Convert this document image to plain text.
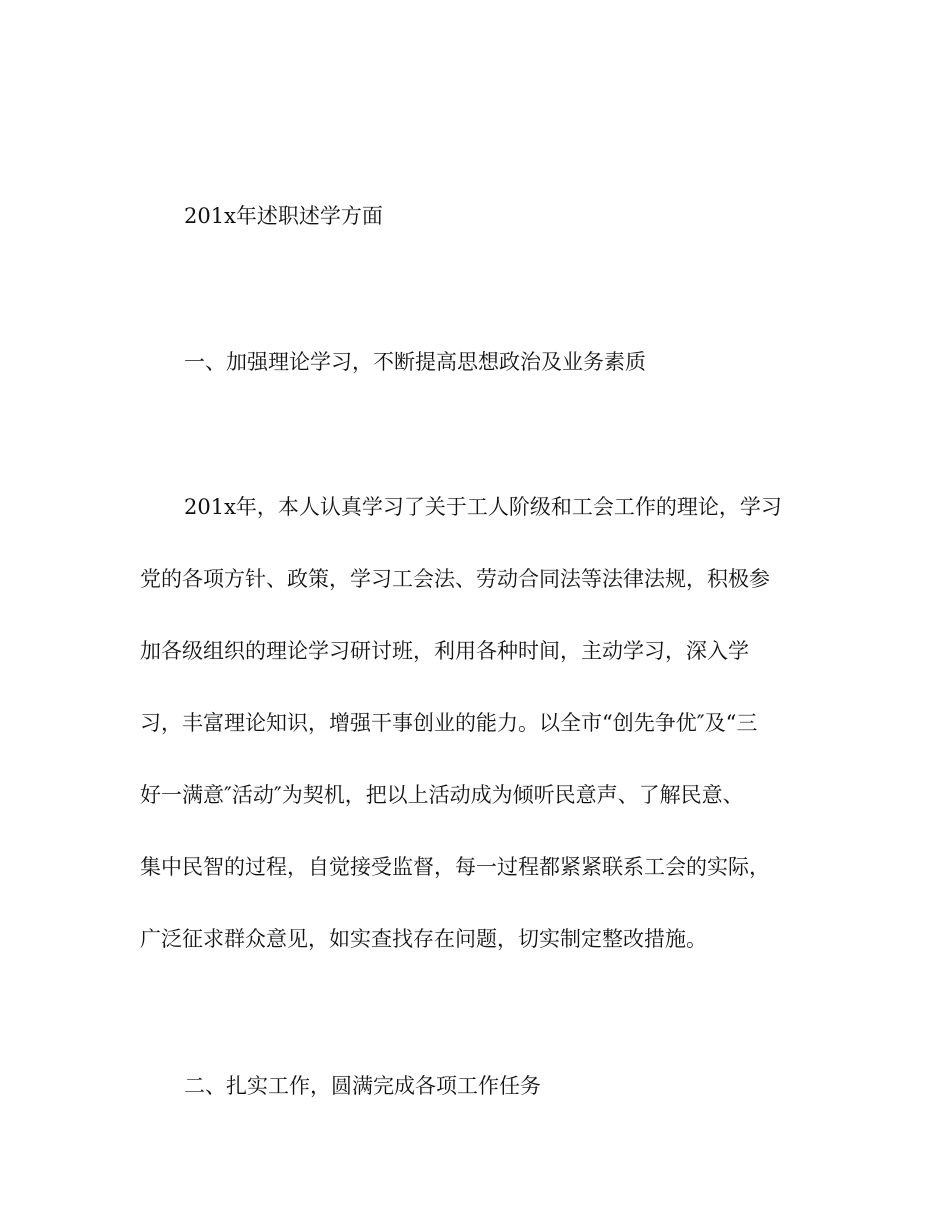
201x年述职述学方面
一、加强理论学习，不断提高思想政治及业务素质
201x年，本人认真学习了关于工人阶级和工会工作的理论，学习
党的各项方针、政策，学习工会法、劳动合同法等法律法规，积极参
加各级组织的理论学习研讨班，利用各种时间，主动学习，深入学
习，丰富理论知识，增强干事创业的能力。以全市“创先争优″及“三
好一满意″活动″为契机，把以上活动成为倾听民意声、了解民意、
集中民智的过程，自觉接受监督，每一过程都紧紧联系工会的实际，
广泛征求群众意见，如实查找存在问题，切实制定整改措施。
二、扎实工作，圆满完成各项工作任务
